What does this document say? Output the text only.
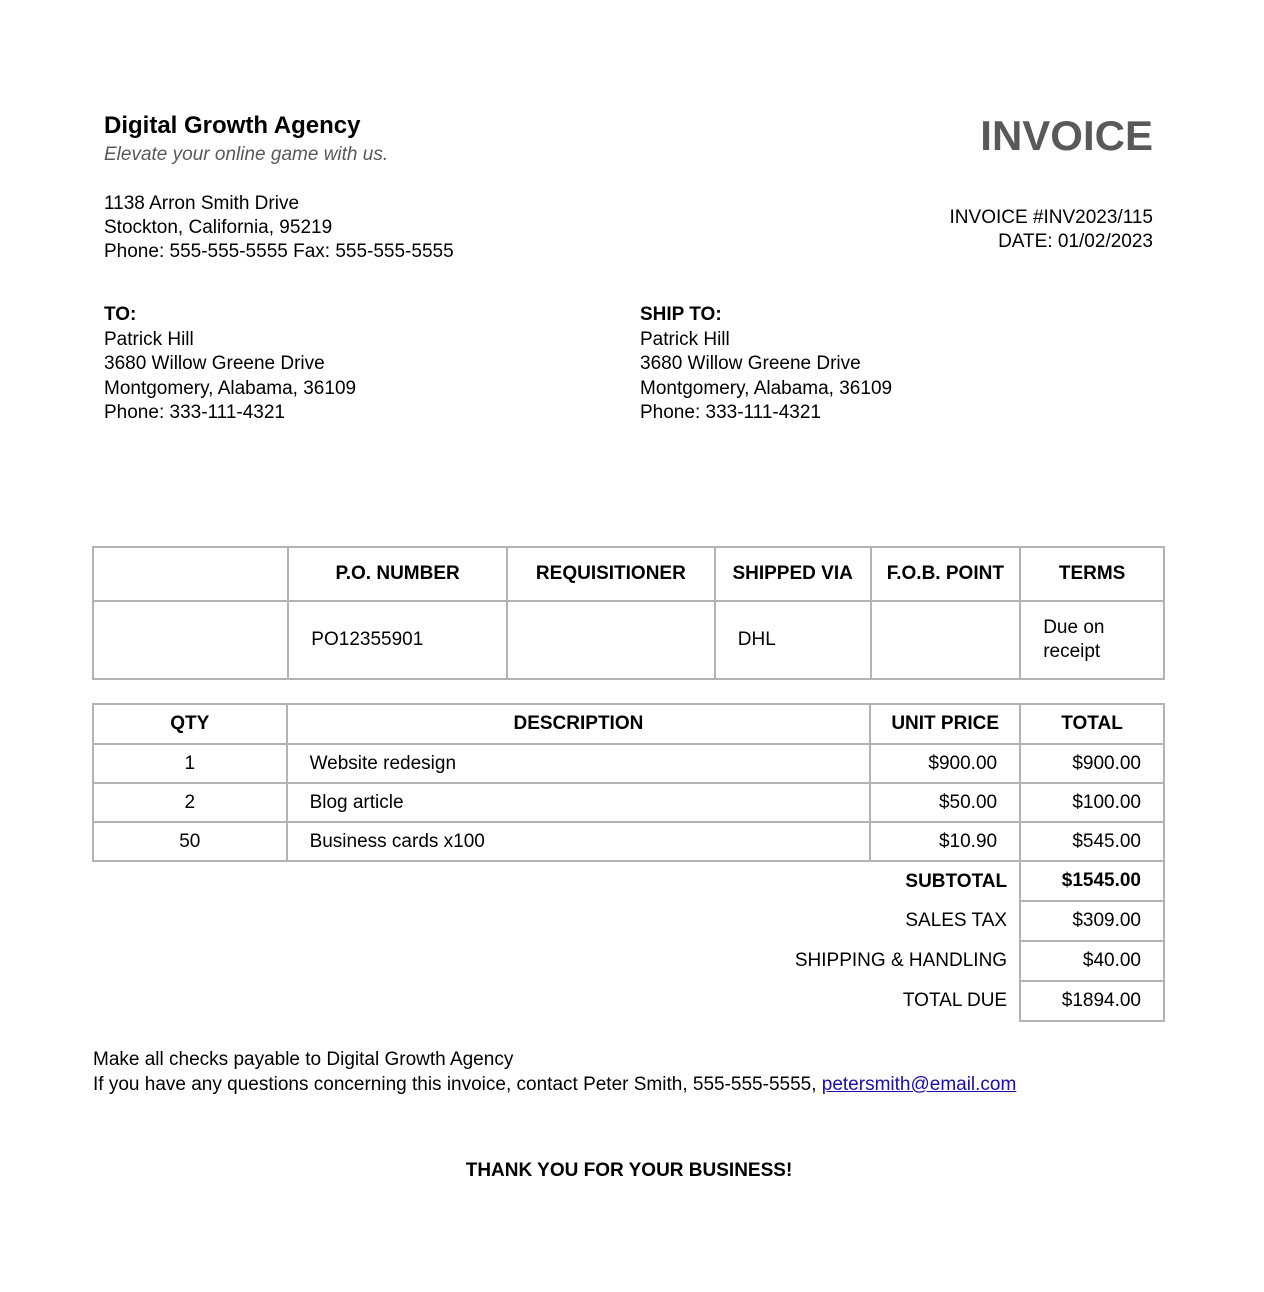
Digital Growth Agency
Elevate your online game with us.
1138 Arron Smith Drive
Stockton, California, 95219
Phone: 555-555-5555 Fax: 555-555-5555
INVOICE
INVOICE #INV2023/115
DATE: 01/02/2023
TO:
Patrick Hill
3680 Willow Greene Drive
Montgomery, Alabama, 36109
Phone: 333-111-4321
SHIP TO:
Patrick Hill
3680 Willow Greene Drive
Montgomery, Alabama, 36109
Phone: 333-111-4321
	P.O. NUMBER	REQUISITIONER	SHIPPED VIA	F.O.B. POINT	TERMS
	PO12355901		DHL		Due on receipt
QTY	DESCRIPTION	UNIT PRICE	TOTAL
1	Website redesign	$900.00	$900.00
2	Blog article	$50.00	$100.00
50	Business cards x100	$10.90	$545.00
	SUBTOTAL		$1545.00
	SALES TAX		$309.00
	SHIPPING & HANDLING		$40.00
	TOTAL DUE		$1894.00
Make all checks payable to Digital Growth Agency
If you have any questions concerning this invoice, contact Peter Smith, 555-555-5555, petersmith@email.com
THANK YOU FOR YOUR BUSINESS!
